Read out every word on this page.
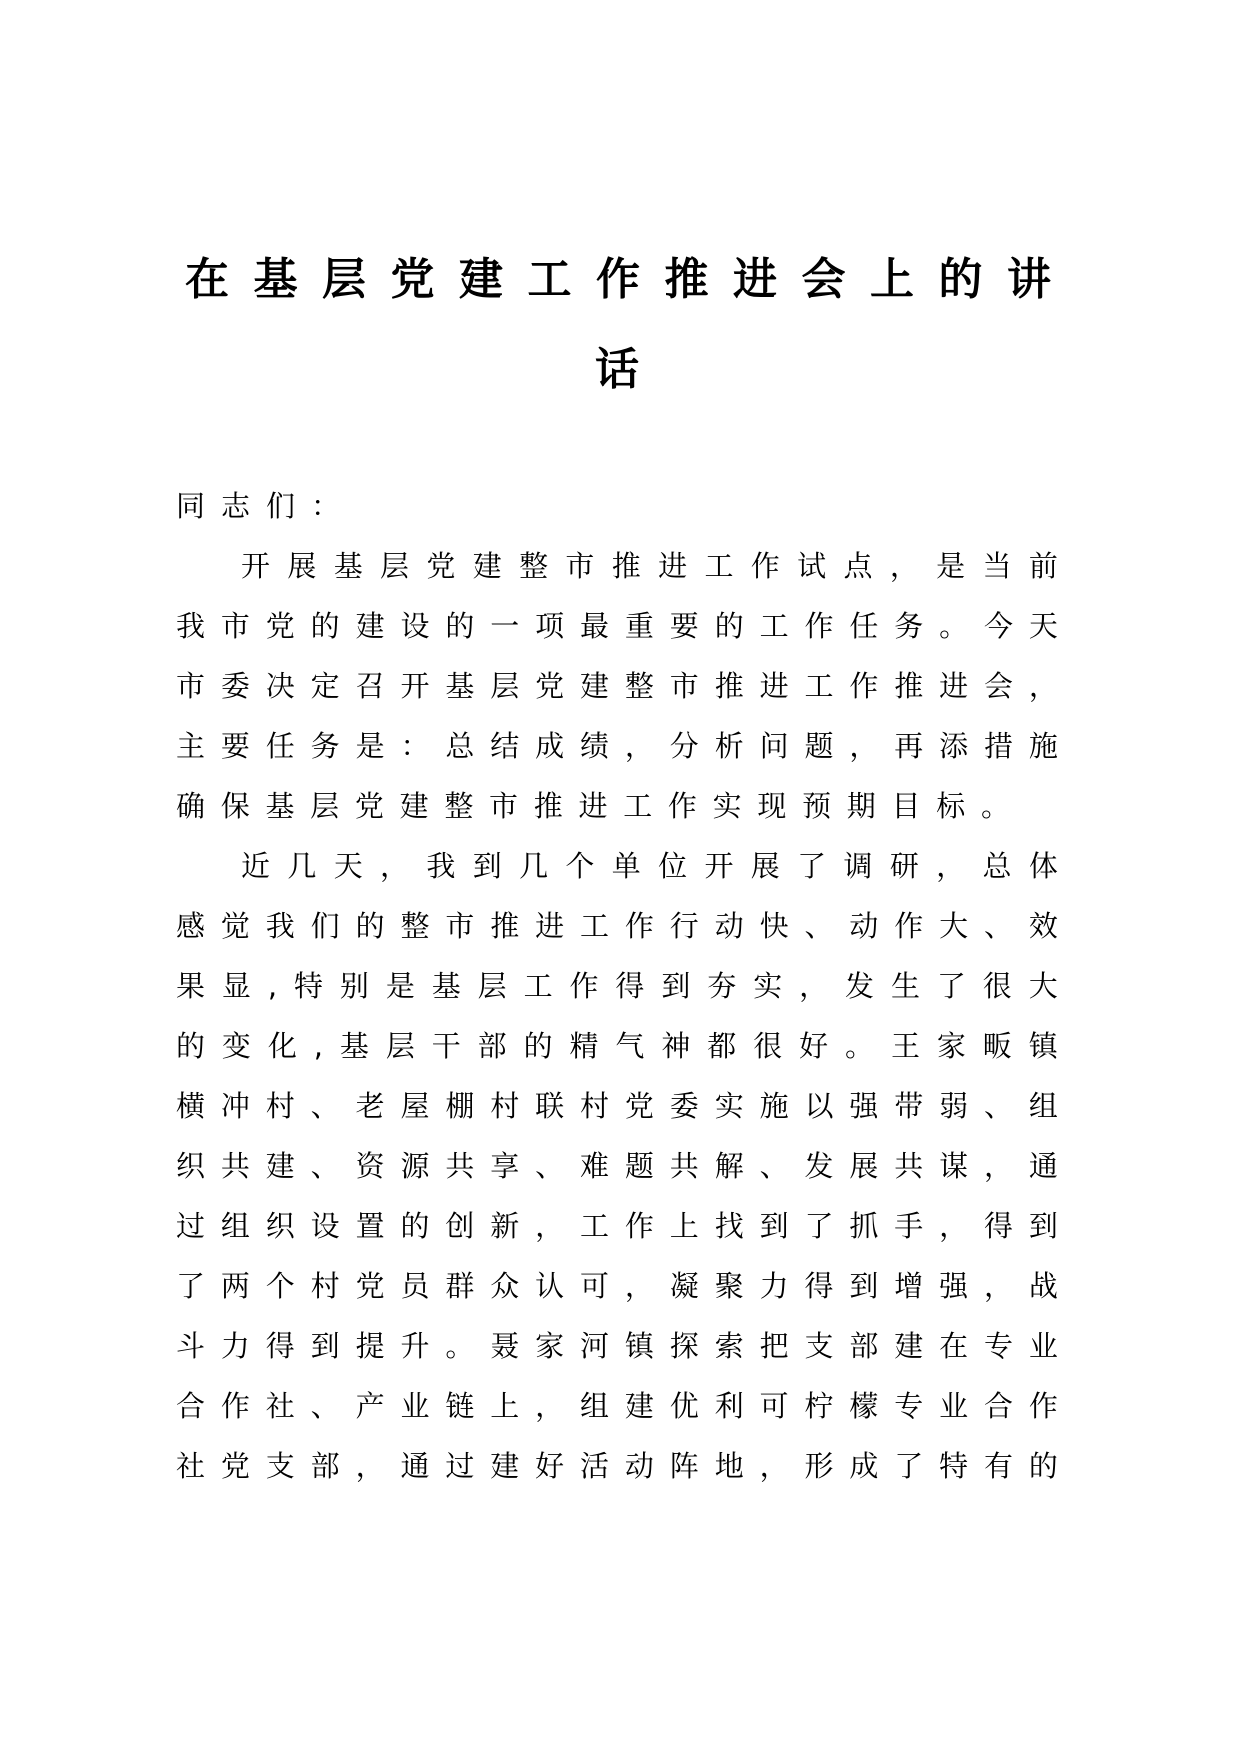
在 基 层 党 建 工 作 推 进 会 上 的 讲
话
同 志 们 ：
开 展 基 层 党 建 整 市 推 进 工 作 试 点 ， 是 当 前
我 市 党 的 建 设 的 一 项 最 重 要 的 工 作 任 务 。 今 天
市 委 决 定 召 开 基 层 党 建 整 市 推 进 工 作 推 进 会 ，
主 要 任 务 是 ： 总 结 成 绩 ， 分 析 问 题 ， 再 添 措 施
确 保 基 层 党 建 整 市 推 进 工 作 实 现 预 期 目 标 。
近 几 天 ， 我 到 几 个 单 位 开 展 了 调 研 ， 总 体
感 觉 我 们 的 整 市 推 进 工 作 行 动 快 、 动 作 大 、 效
果 显 , 特 别 是 基 层 工 作 得 到 夯 实 ， 发 生 了 很 大
的 变 化 , 基 层 干 部 的 精 气 神 都 很 好 。 王 家 畈 镇
横 冲 村 、 老 屋 棚 村 联 村 党 委 实 施 以 强 带 弱 、 组
织 共 建 、 资 源 共 享 、 难 题 共 解 、 发 展 共 谋 ， 通
过 组 织 设 置 的 创 新 ， 工 作 上 找 到 了 抓 手 ， 得 到
了 两 个 村 党 员 群 众 认 可 ， 凝 聚 力 得 到 增 强 ， 战
斗 力 得 到 提 升 。 聂 家 河 镇 探 索 把 支 部 建 在 专 业
合 作 社 、 产 业 链 上 ， 组 建 优 利 可 柠 檬 专 业 合 作
社 党 支 部 ， 通 过 建 好 活 动 阵 地 ， 形 成 了 特 有 的
